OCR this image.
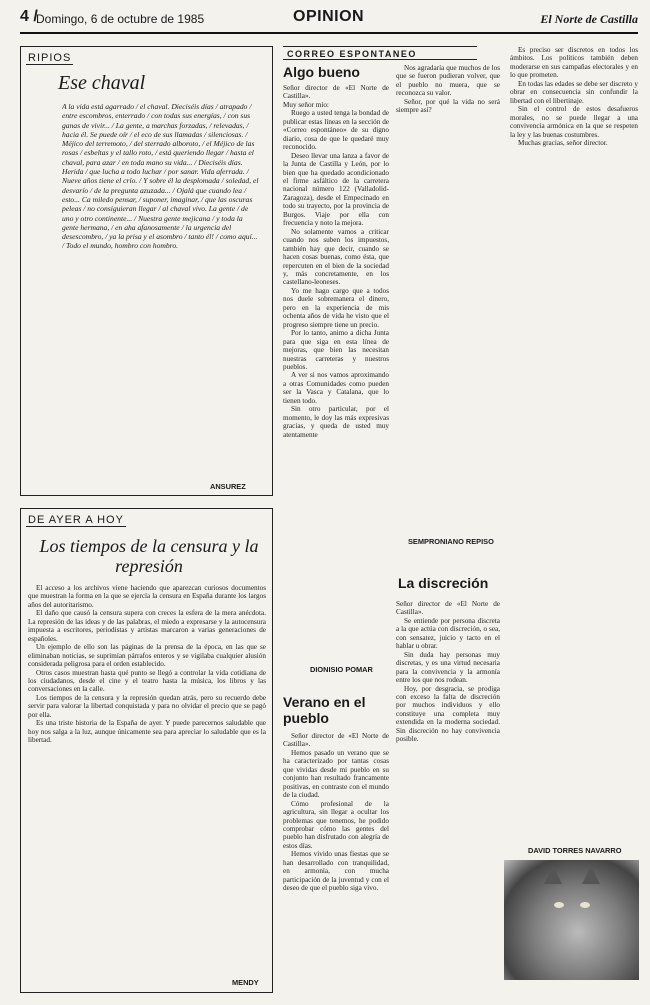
4 /
Domingo, 6 de octubre de 1985	OPINION	El Norte de Castilla
RIPIOS
Ese chaval
A la vida está agarrado / el chaval. Dieciséis días / atrapado / entre escombros, enterrado / con todas sus energías, / con sus ganas de vivir... / La gente, a marchas forzadas, / relevadas, / hacia él. Se puede oír / el eco de sus llamadas / silenciosas. / Méjico del terremoto, / del sterrado alboroto, / el Méjico de las rosas / esbeltas y el tallo roto, / está queriendo llegar / hasta el chaval, para azar / en toda mano su vida... / Dieciséis días. Herida / que lucha a todo luchar / por sanar. Vida aferrada. / Nueve años tiene el crío. / Y sobre él la desplomada / soledad, el desvarío / de la pregunta azuzada... / Ojalá que cuando lea / esto... Ca miledo pensar, / suponer, imaginar, / que las oscuras peleas / no consiguieran llegar / al chaval vivo. La gente / de uno y otro continente... / Nuestra gente mejicana / y toda la gente hermana, / en aha afanosamente / la urgencia del desescombro, / ya la prisa y el asombro / tanto él! / como aquí... / Todo el mundo, hombro con hombro.
ANSUREZ
DE AYER A HOY
Los tiempos de la censura y la represión

El acceso a los archivos viene haciendo que aparezcan curiosos documentos que muestran la forma en la que se ejercía la censura en España durante los largos años del autoritarismo.

El daño que causó la censura supera con creces la esfera de la mera anécdota. La represión de las ideas y de las palabras, el miedo a expresarse y la autocensura impuesta a escritores, periodistas y artistas marcaron a varias generaciones de españoles.

Un ejemplo de ello son las páginas de la prensa de la época, en las que se eliminaban noticias, se suprimían párrafos enteros y se vigilaba cualquier alusión considerada peligrosa para el orden establecido.

Otros casos muestran hasta qué punto se llegó a controlar la vida cotidiana de los ciudadanos, desde el cine y el teatro hasta la música, los libros y las conversaciones en la calle.

Los tiempos de la censura y la represión quedan atrás, pero su recuerdo debe servir para valorar la libertad conquistada y para no olvidar el precio que se pagó por ella.

Es una triste historia de la España de ayer. Y puede parecernos saludable que hoy nos salga a la luz, aunque únicamente sea para apreciar lo saludable que es la libertad.

MENDY
CORREO ESPONTANEO
Algo bueno

Señor director de «El Norte de Castilla».

Muy señor mío:

Ruego a usted tenga la bondad de publicar estas líneas en la sección de «Correo espontáneo» de su digno diario, cosa de que le quedaré muy reconocido.

Deseo llevar una lanza a favor de la Junta de Castilla y León, por lo bien que ha quedado acondicionado el firme asfáltico de la carretera nacional número 122 (Valladolid-Zaragoza), desde el Empecinado en todo su trayecto, por la provincia de Burgos. Viaje por ella con frecuencia y noto la mejora.

No solamente vamos a criticar cuando nos suben los impuestos, también hay que decir, cuando se hacen cosas buenas, como ésta, que repercuten en el bien de la sociedad y, más concretamente, en los castellano-leoneses.

Yo me hago cargo que a todos nos duele sobremanera el dinero, pero en la experiencia de mis ochenta años de vida he visto que el progreso siempre tiene un precio.

Por lo tanto, animo a dicha Junta para que siga en esta línea de mejoras, que bien las necesitan nuestras carreteras y nuestros pueblos.

A ver si nos vamos aproximando a otras Comunidades como pueden ser la Vasca y Catalana, que lo tienen todo.

Sin otro particular, por el momento, le doy las más expresivas gracias, y queda de usted muy atentamente

DIONISIO POMAR
Verano en el pueblo

Señor director de «El Norte de Castilla».

Hemos pasado un verano que se ha caracterizado por tantas cosas que vividas desde mi pueblo en su conjunto han resultado francamente positivas, en contraste con el mundo de la ciudad.

Cómo profesional de la agricultura, sin llegar a ocultar los problemas que tenemos, he podido comprobar cómo las gentes del pueblo han disfrutado con alegría de estos días.

Hemos vivido unas fiestas que se han desarrollado con tranquilidad, en armonía, con mucha participación de la juventud y con el deseo de que el pueblo siga vivo.

Nos agradaría que muchos de los que se fueron pudieran volver, que el pueblo no muera, que se reconozca su valor.

Señor, por qué la vida no será siempre así?

SEMPRONIANO REPISO
La discreción

Señor director de «El Norte de Castilla».

Se entiende por persona discreta a la que actúa con discreción, o sea, con sensatez, juicio y tacto en el hablar u obrar.

Sin duda hay personas muy discretas, y es una virtud necesaria para la convivencia y la armonía entre los que nos rodean.

Hoy, por desgracia, se prodiga con exceso la falta de discreción por muchos individuos y ello constituye una completa muy extendida en la moderna sociedad. Sin discreción no hay convivencia posible.

Es preciso ser discretos en todos los ámbitos. Los políticos también deben moderarse en sus campañas electorales y en lo que prometen.

En todas las edades se debe ser discreto y obrar en consecuencia sin confundir la libertad con el libertinaje.

Sin el control de estos desafueros morales, no se puede llegar a una convivencia armónica en la que se respeten la ley y las buenas costumbres.

Muchas gracias, señor director.

DAVID TORRES NAVARRO
